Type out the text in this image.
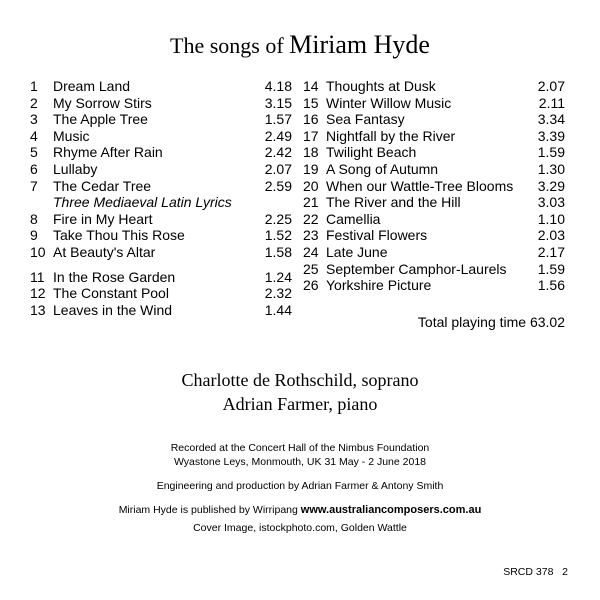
The songs of Miriam Hyde
1	Dream Land	4.18
2	My Sorrow Stirs	3.15
3	The Apple Tree	1.57
4	Music	2.49
5	Rhyme After Rain	2.42
6	Lullaby	2.07
7	The Cedar Tree	2.59
Three Mediaeval Latin Lyrics
8	Fire in My Heart	2.25
9	Take Thou This Rose	1.52
10 At Beauty's Altar	1.58
11 In the Rose Garden	1.24
12 The Constant Pool	2.32
13 Leaves in the Wind	1.44
14 Thoughts at Dusk	2.07
15 Winter Willow Music	2.11
16 Sea Fantasy	3.34
17 Nightfall by the River	3.39
18 Twilight Beach	1.59
19 A Song of Autumn	1.30
20 When our Wattle-Tree Blooms 3.29
21 The River and the Hill	3.03
22 Camellia	1.10
23 Festival Flowers	2.03
24 Late June	2.17
25 September Camphor-Laurels 1.59
26 Yorkshire Picture	1.56
Total playing time 63.02
Charlotte de Rothschild, soprano
Adrian Farmer, piano
Recorded at the Concert Hall of the Nimbus Foundation
Wyastone Leys, Monmouth, UK 31 May - 2 June 2018
Engineering and production by Adrian Farmer & Antony Smith
Miriam Hyde is published by Wirripang www.australiancomposers.com.au
Cover Image, istockphoto.com, Golden Wattle
SRCD 378   2
